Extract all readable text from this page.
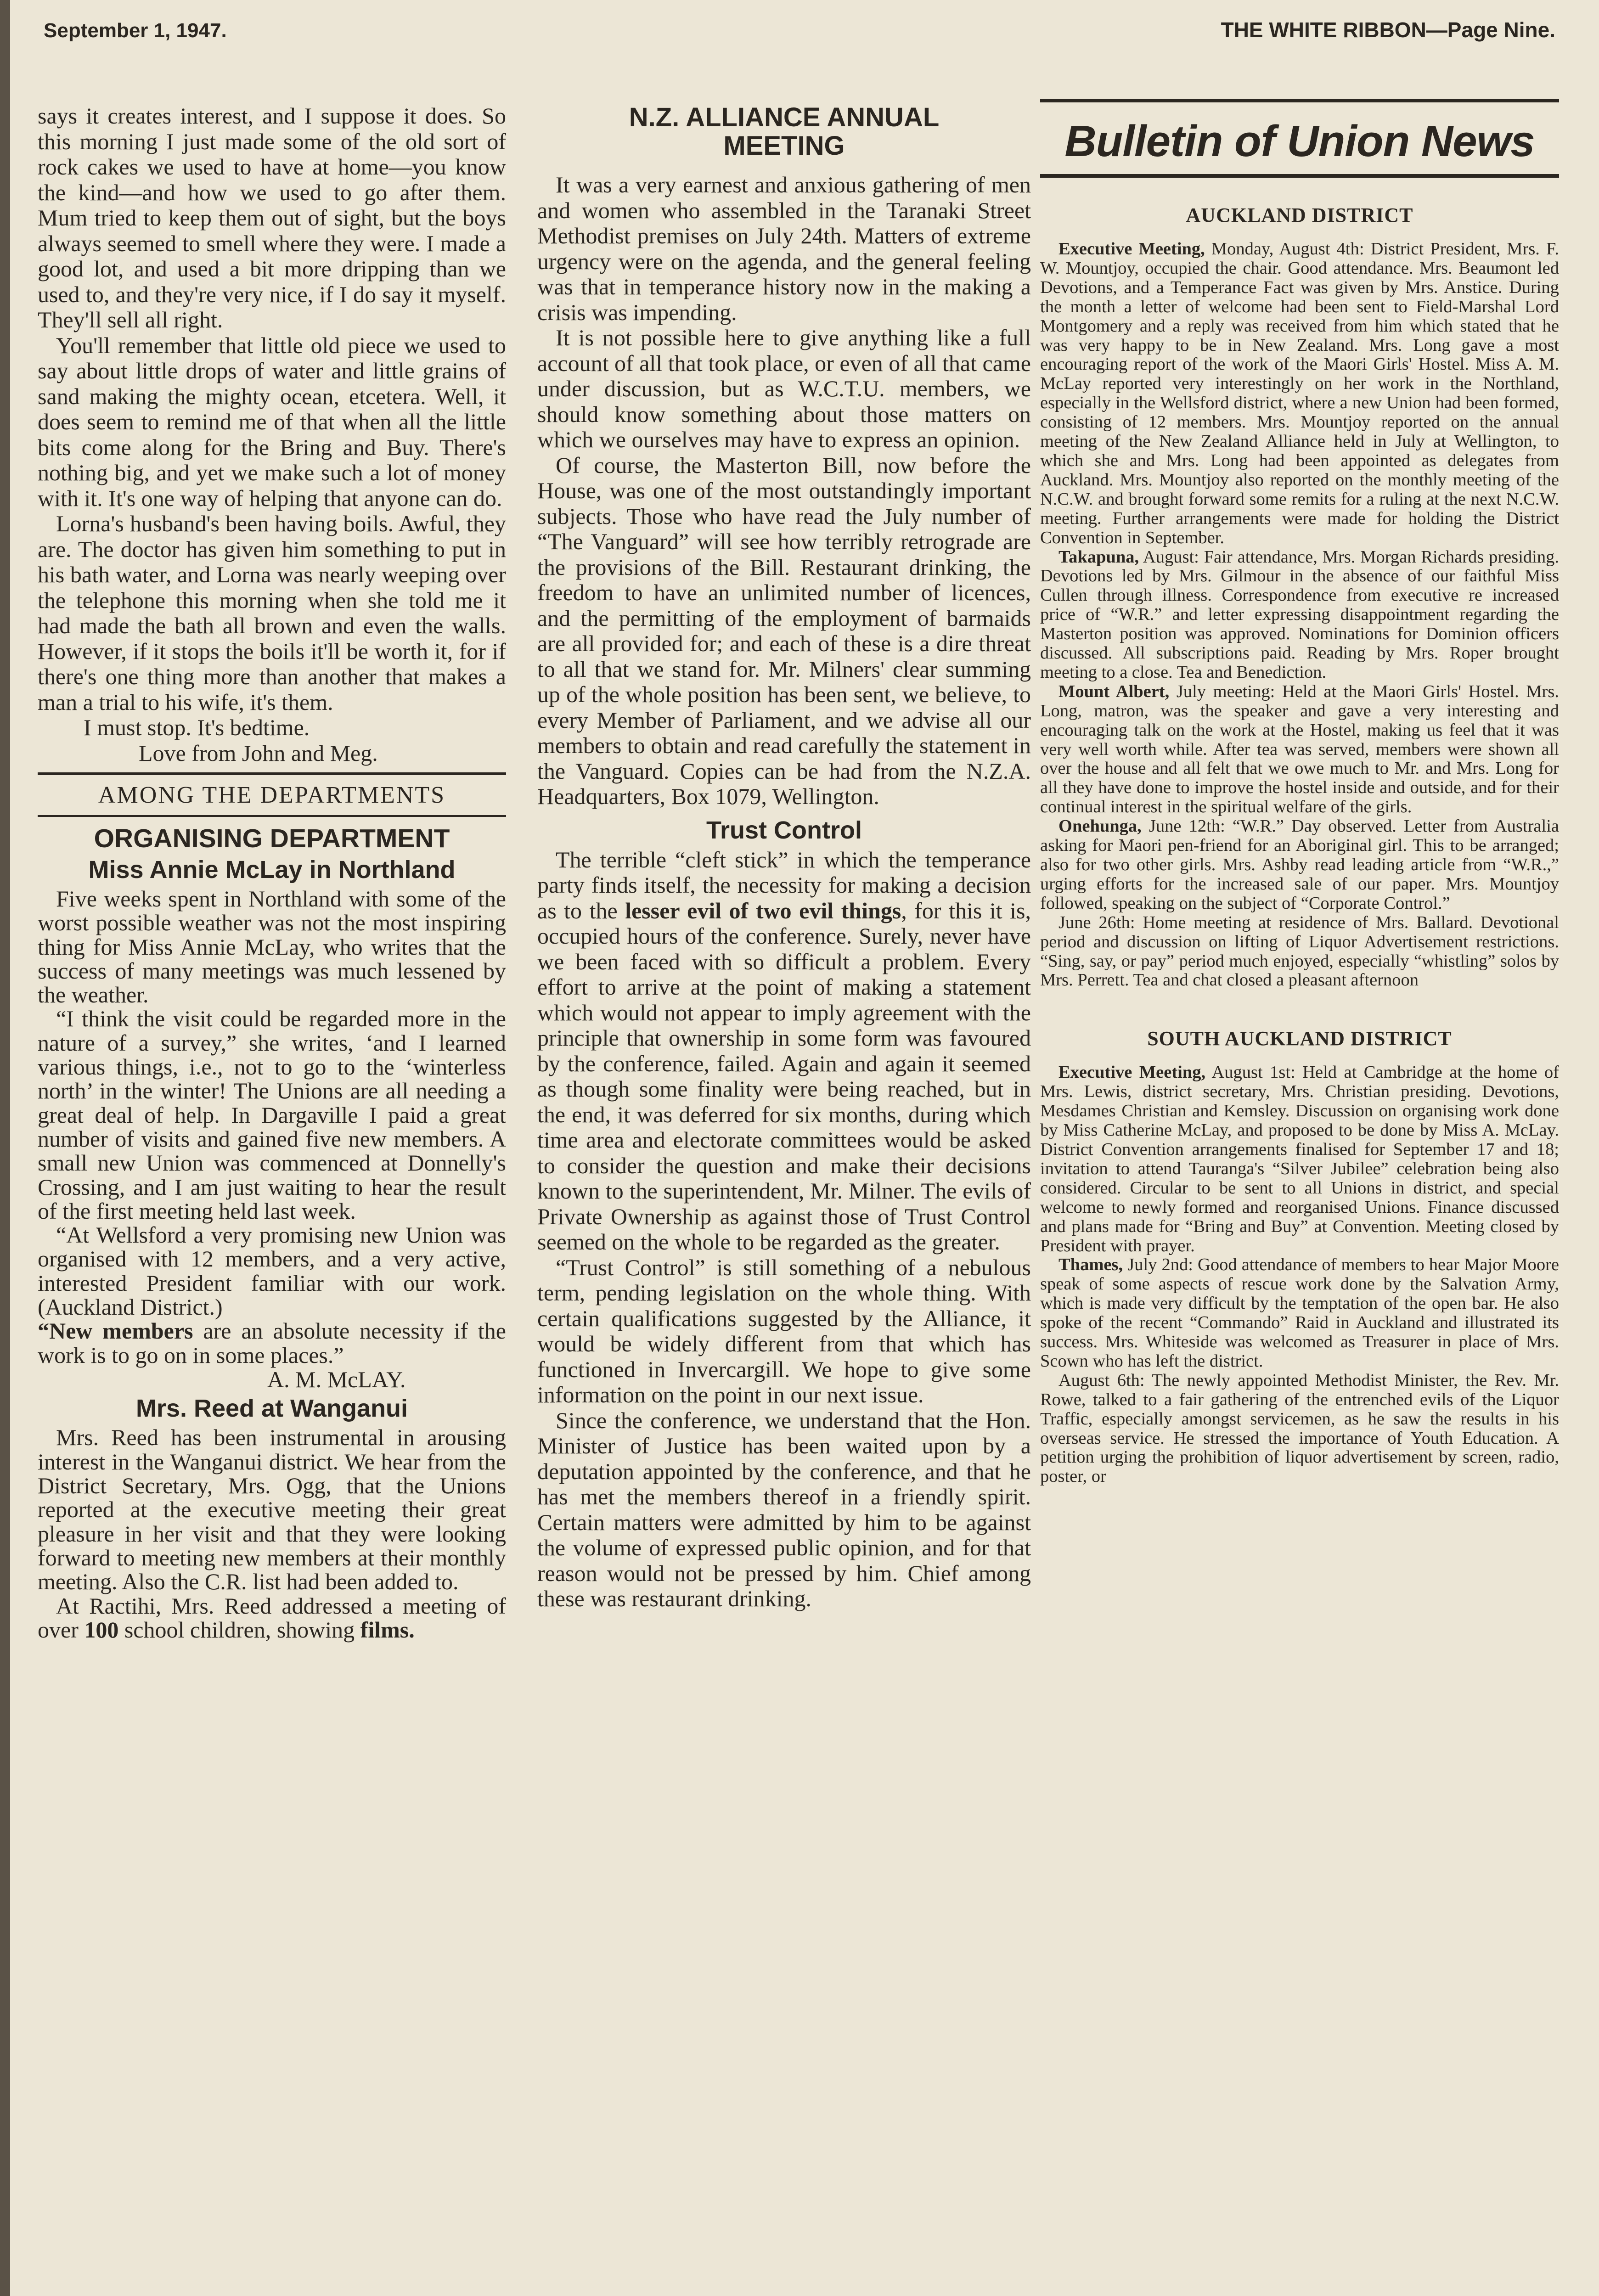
September 1, 1947.	THE WHITE RIBBON—Page Nine.

says it creates interest, and I suppose it does. So this morning I just made some of the old sort of rock cakes we used to have at home—you know the kind—and how we used to go after them. Mum tried to keep them out of sight, but the boys always seemed to smell where they were. I made a good lot, and used a bit more dripping than we used to, and they're very nice, if I do say it myself. They'll sell all right.

You'll remember that little old piece we used to say about little drops of water and little grains of sand making the mighty ocean, etcetera. Well, it does seem to remind me of that when all the little bits come along for the Bring and Buy. There's nothing big, and yet we make such a lot of money with it. It's one way of helping that anyone can do.

Lorna's husband's been having boils. Awful, they are. The doctor has given him something to put in his bath water, and Lorna was nearly weeping over the telephone this morning when she told me it had made the bath all brown and even the walls. However, if it stops the boils it'll be worth it, for if there's one thing more than another that makes a man a trial to his wife, it's them.

I must stop. It's bedtime.

Love from John and Meg.

AMONG THE DEPARTMENTS
ORGANISING DEPARTMENT
Miss Annie McLay in Northland

Five weeks spent in Northland with some of the worst possible weather was not the most inspiring thing for Miss Annie McLay, who writes that the success of many meetings was much lessened by the weather.

“I think the visit could be regarded more in the nature of a survey,” she writes, ‘and I learned various things, i.e., not to go to the ‘winterless north’ in the winter! The Unions are all needing a great deal of help. In Dargaville I paid a great number of visits and gained five new members. A small new Union was commenced at Donnelly's Crossing, and I am just waiting to hear the result of the first meeting held last week.

“At Wellsford a very promising new Union was organised with 12 members, and a very active, interested President familiar with our work. (Auckland District.)

“New members are an absolute necessity if the work is to go on in some places.”

A. M. McLAY.

Mrs. Reed at Wanganui

Mrs. Reed has been instrumental in arousing interest in the Wanganui district. We hear from the District Secretary, Mrs. Ogg, that the Unions reported at the executive meeting their great pleasure in her visit and that they were looking forward to meeting new members at their monthly meeting. Also the C.R. list had been added to.

At Ractihi, Mrs. Reed addressed a meeting of over 100 school children, showing films.

N.Z. ALLIANCE ANNUAL
MEETING

It was a very earnest and anxious gathering of men and women who assembled in the Taranaki Street Methodist premises on July 24th. Matters of extreme urgency were on the agenda, and the general feeling was that in temperance history now in the making a crisis was impending.

It is not possible here to give anything like a full account of all that took place, or even of all that came under discussion, but as W.C.T.U. members, we should know something about those matters on which we ourselves may have to express an opinion.

Of course, the Masterton Bill, now before the House, was one of the most outstandingly important subjects. Those who have read the July number of “The Vanguard” will see how terribly retrograde are the provisions of the Bill. Restaurant drinking, the freedom to have an unlimited number of licences, and the permitting of the employment of barmaids are all provided for; and each of these is a dire threat to all that we stand for. Mr. Milners' clear summing up of the whole position has been sent, we believe, to every Member of Parliament, and we advise all our members to obtain and read carefully the statement in the Vanguard. Copies can be had from the N.Z.A. Headquarters, Box 1079, Wellington.

Trust Control

The terrible “cleft stick” in which the temperance party finds itself, the necessity for making a decision as to the lesser evil of two evil things, for this it is, occupied hours of the conference. Surely, never have we been faced with so difficult a problem. Every effort to arrive at the point of making a statement which would not appear to imply agreement with the principle that ownership in some form was favoured by the conference, failed. Again and again it seemed as though some finality were being reached, but in the end, it was deferred for six months, during which time area and electorate committees would be asked to consider the question and make their decisions known to the superintendent, Mr. Milner. The evils of Private Ownership as against those of Trust Control seemed on the whole to be regarded as the greater.

“Trust Control” is still something of a nebulous term, pending legislation on the whole thing. With certain qualifications suggested by the Alliance, it would be widely different from that which has functioned in Invercargill. We hope to give some information on the point in our next issue.

Since the conference, we understand that the Hon. Minister of Justice has been waited upon by a deputation appointed by the conference, and that he has met the members thereof in a friendly spirit. Certain matters were admitted by him to be against the volume of expressed public opinion, and for that reason would not be pressed by him. Chief among these was restaurant drinking.

Bulletin of Union News
AUCKLAND DISTRICT

Executive Meeting, Monday, August 4th: District President, Mrs. F. W. Mountjoy, occupied the chair. Good attendance. Mrs. Beaumont led Devotions, and a Temperance Fact was given by Mrs. Anstice. During the month a letter of welcome had been sent to Field-Marshal Lord Montgomery and a reply was received from him which stated that he was very happy to be in New Zealand. Mrs. Long gave a most encouraging report of the work of the Maori Girls' Hostel. Miss A. M. McLay reported very interestingly on her work in the Northland, especially in the Wellsford district, where a new Union had been formed, consisting of 12 members. Mrs. Mountjoy reported on the annual meeting of the New Zealand Alliance held in July at Wellington, to which she and Mrs. Long had been appointed as delegates from Auckland. Mrs. Mountjoy also reported on the monthly meeting of the N.C.W. and brought forward some remits for a ruling at the next N.C.W. meeting. Further arrangements were made for holding the District Convention in September.

Takapuna, August: Fair attendance, Mrs. Morgan Richards presiding. Devotions led by Mrs. Gilmour in the absence of our faithful Miss Cullen through illness. Correspondence from executive re increased price of “W.R.” and letter expressing disappointment regarding the Masterton position was approved. Nominations for Dominion officers discussed. All subscriptions paid. Reading by Mrs. Roper brought meeting to a close. Tea and Benediction.

Mount Albert, July meeting: Held at the Maori Girls' Hostel. Mrs. Long, matron, was the speaker and gave a very interesting and encouraging talk on the work at the Hostel, making us feel that it was very well worth while. After tea was served, members were shown all over the house and all felt that we owe much to Mr. and Mrs. Long for all they have done to improve the hostel inside and outside, and for their continual interest in the spiritual welfare of the girls.

Onehunga, June 12th: “W.R.” Day observed. Letter from Australia asking for Maori pen-friend for an Aboriginal girl. This to be arranged; also for two other girls. Mrs. Ashby read leading article from “W.R.,” urging efforts for the increased sale of our paper. Mrs. Mountjoy followed, speaking on the subject of “Corporate Control.”

June 26th: Home meeting at residence of Mrs. Ballard. Devotional period and discussion on lifting of Liquor Advertisement restrictions. “Sing, say, or pay” period much enjoyed, especially “whistling” solos by Mrs. Perrett. Tea and chat closed a pleasant afternoon

SOUTH AUCKLAND DISTRICT

Executive Meeting, August 1st: Held at Cambridge at the home of Mrs. Lewis, district secretary, Mrs. Christian presiding. Devotions, Mesdames Christian and Kemsley. Discussion on organising work done by Miss Catherine McLay, and proposed to be done by Miss A. McLay. District Convention arrangements finalised for September 17 and 18; invitation to attend Tauranga's “Silver Jubilee” celebration being also considered. Circular to be sent to all Unions in district, and special welcome to newly formed and reorganised Unions. Finance discussed and plans made for “Bring and Buy” at Convention. Meeting closed by President with prayer.

Thames, July 2nd: Good attendance of members to hear Major Moore speak of some aspects of rescue work done by the Salvation Army, which is made very difficult by the temptation of the open bar. He also spoke of the recent “Commando” Raid in Auckland and illustrated its success. Mrs. Whiteside was welcomed as Treasurer in place of Mrs. Scown who has left the district.

August 6th: The newly appointed Methodist Minister, the Rev. Mr. Rowe, talked to a fair gathering of the entrenched evils of the Liquor Traffic, especially amongst servicemen, as he saw the results in his overseas service. He stressed the importance of Youth Education. A petition urging the prohibition of liquor advertisement by screen, radio, poster, or
